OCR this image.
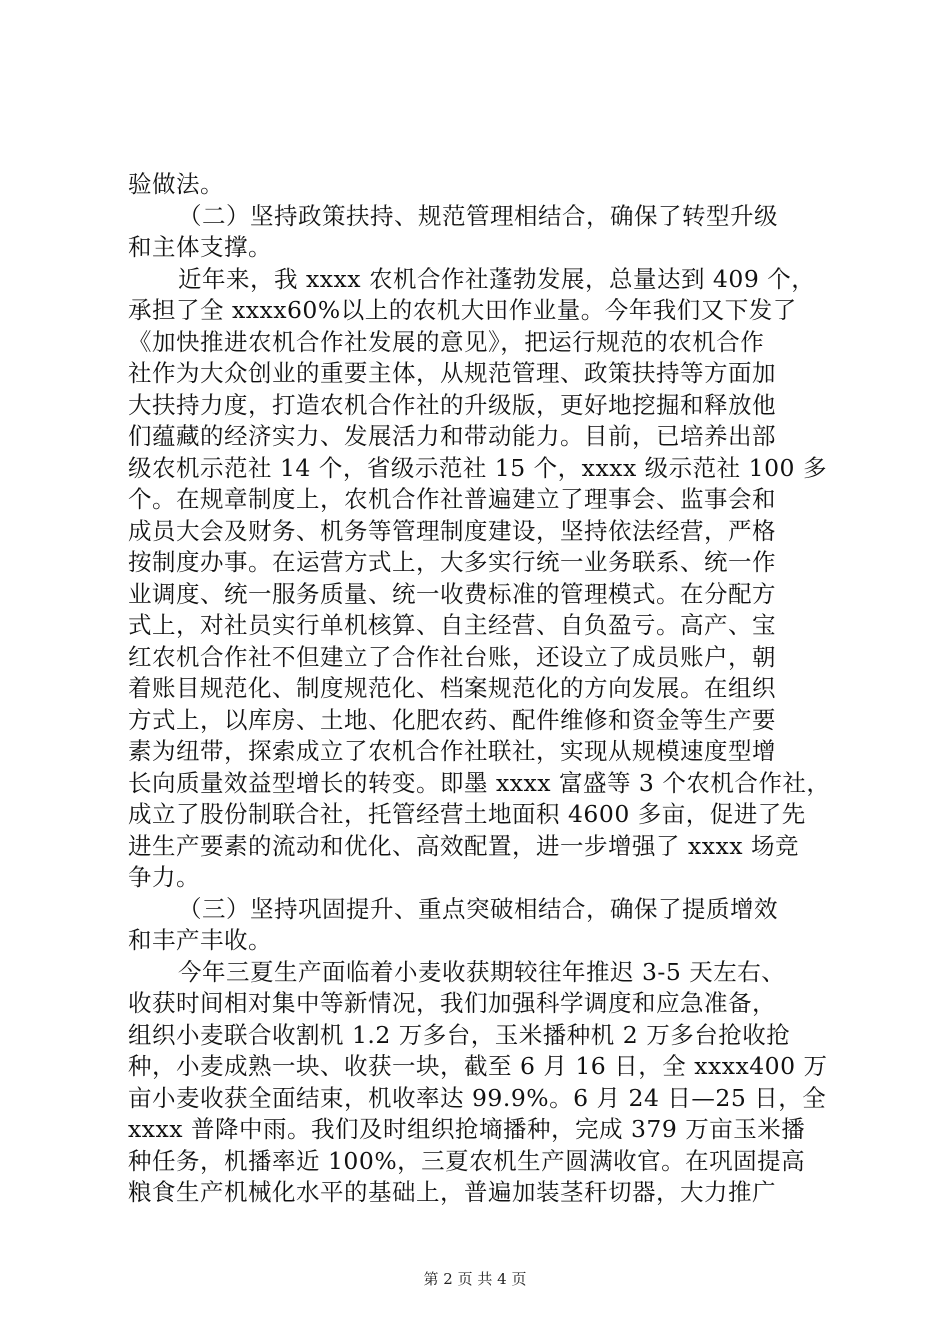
验做法。
（二）坚持政策扶持、规范管理相结合，确保了转型升级
和主体支撑。
近年来，我 xxxx 农机合作社蓬勃发展，总量达到 409 个，
承担了全 xxxx60%以上的农机大田作业量。今年我们又下发了
《加快推进农机合作社发展的意见》，把运行规范的农机合作
社作为大众创业的重要主体，从规范管理、政策扶持等方面加
大扶持力度，打造农机合作社的升级版，更好地挖掘和释放他
们蕴藏的经济实力、发展活力和带动能力。目前，已培养出部
级农机示范社 14 个，省级示范社 15 个，xxxx 级示范社 100 多
个。在规章制度上，农机合作社普遍建立了理事会、监事会和
成员大会及财务、机务等管理制度建设，坚持依法经营，严格
按制度办事。在运营方式上，大多实行统一业务联系、统一作
业调度、统一服务质量、统一收费标准的管理模式。在分配方
式上，对社员实行单机核算、自主经营、自负盈亏。高产、宝
红农机合作社不但建立了合作社台账，还设立了成员账户，朝
着账目规范化、制度规范化、档案规范化的方向发展。在组织
方式上，以库房、土地、化肥农药、配件维修和资金等生产要
素为纽带，探索成立了农机合作社联社，实现从规模速度型增
长向质量效益型增长的转变。即墨 xxxx 富盛等 3 个农机合作社，
成立了股份制联合社，托管经营土地面积 4600 多亩，促进了先
进生产要素的流动和优化、高效配置，进一步增强了 xxxx 场竞
争力。
（三）坚持巩固提升、重点突破相结合，确保了提质增效
和丰产丰收。
今年三夏生产面临着小麦收获期较往年推迟 3-5 天左右、
收获时间相对集中等新情况，我们加强科学调度和应急准备，
组织小麦联合收割机 1.2 万多台，玉米播种机 2 万多台抢收抢
种，小麦成熟一块、收获一块，截至 6 月 16 日，全 xxxx400 万
亩小麦收获全面结束，机收率达 99.9%。6 月 24 日—25 日，全
xxxx 普降中雨。我们及时组织抢墒播种，完成 379 万亩玉米播
种任务，机播率近 100%，三夏农机生产圆满收官。在巩固提高
粮食生产机械化水平的基础上，普遍加装茎秆切器，大力推广
第 2 页 共 4 页
